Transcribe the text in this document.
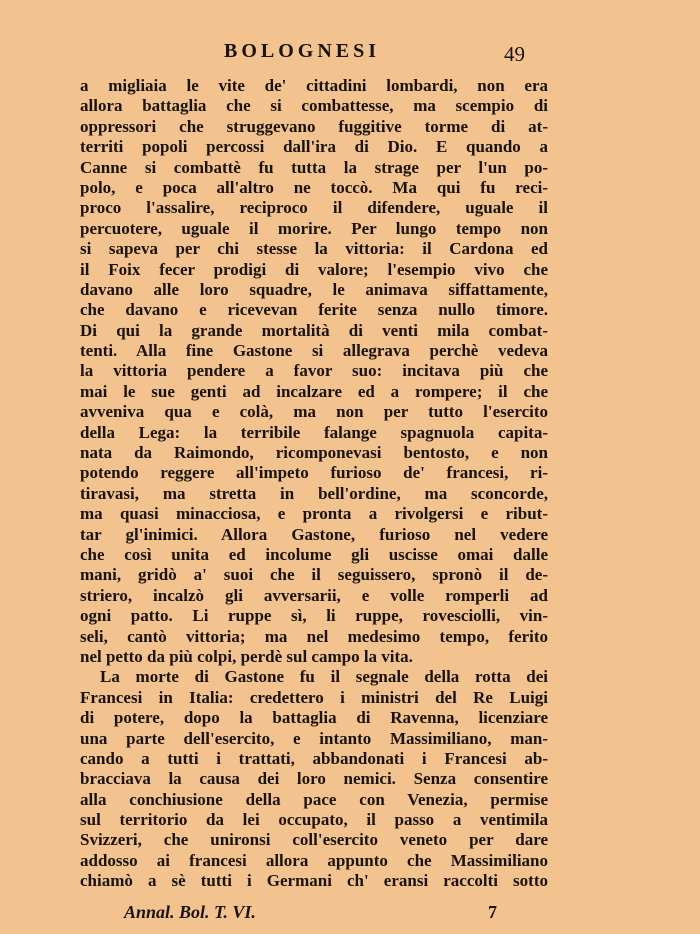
BOLOGNESI	49
a migliaia le vite de' cittadini lombardi, non era
allora battaglia che si combattesse, ma scempio di
oppressori che struggevano fuggitive torme di at-
territi popoli percossi dall'ira di Dio. E quando a
Canne si combattè fu tutta la strage per l'un po-
polo, e poca all'altro ne toccò. Ma qui fu reci-
proco l'assalire, reciproco il difendere, uguale il
percuotere, uguale il morire. Per lungo tempo non
si sapeva per chi stesse la vittoria: il Cardona ed
il Foix fecer prodigi di valore; l'esempio vivo che
davano alle loro squadre, le animava siffattamente,
che davano e ricevevan ferite senza nullo timore.
Di qui la grande mortalità di venti mila combat-
tenti. Alla fine Gastone si allegrava perchè vedeva
la vittoria pendere a favor suo: incitava più che
mai le sue genti ad incalzare ed a rompere; il che
avveniva qua e colà, ma non per tutto l'esercito
della Lega: la terribile falange spagnuola capita-
nata da Raimondo, ricomponevasi bentosto, e non
potendo reggere all'impeto furioso de' francesi, ri-
tiravasi, ma stretta in bell'ordine, ma sconcorde,
ma quasi minacciosa, e pronta a rivolgersi e ribut-
tar gl'inimici. Allora Gastone, furioso nel vedere
che così unita ed incolume gli uscisse omai dalle
mani, gridò a' suoi che il seguissero, spronò il de-
striero, incalzò gli avversarii, e volle romperli ad
ogni patto. Li ruppe sì, li ruppe, rovesciolli, vin-
seli, cantò vittoria; ma nel medesimo tempo, ferito
nel petto da più colpi, perdè sul campo la vita.
La morte di Gastone fu il segnale della rotta dei
Francesi in Italia: credettero i ministri del Re Luigi
di potere, dopo la battaglia di Ravenna, licenziare
una parte dell'esercito, e intanto Massimiliano, man-
cando a tutti i trattati, abbandonati i Francesi ab-
bracciava la causa dei loro nemici. Senza consentire
alla conchiusione della pace con Venezia, permise
sul territorio da lei occupato, il passo a ventimila
Svizzeri, che unironsi coll'esercito veneto per dare
addosso ai francesi allora appunto che Massimiliano
chiamò a sè tutti i Germani ch' eransi raccolti sotto
Annal. Bol. T. VI.	7
